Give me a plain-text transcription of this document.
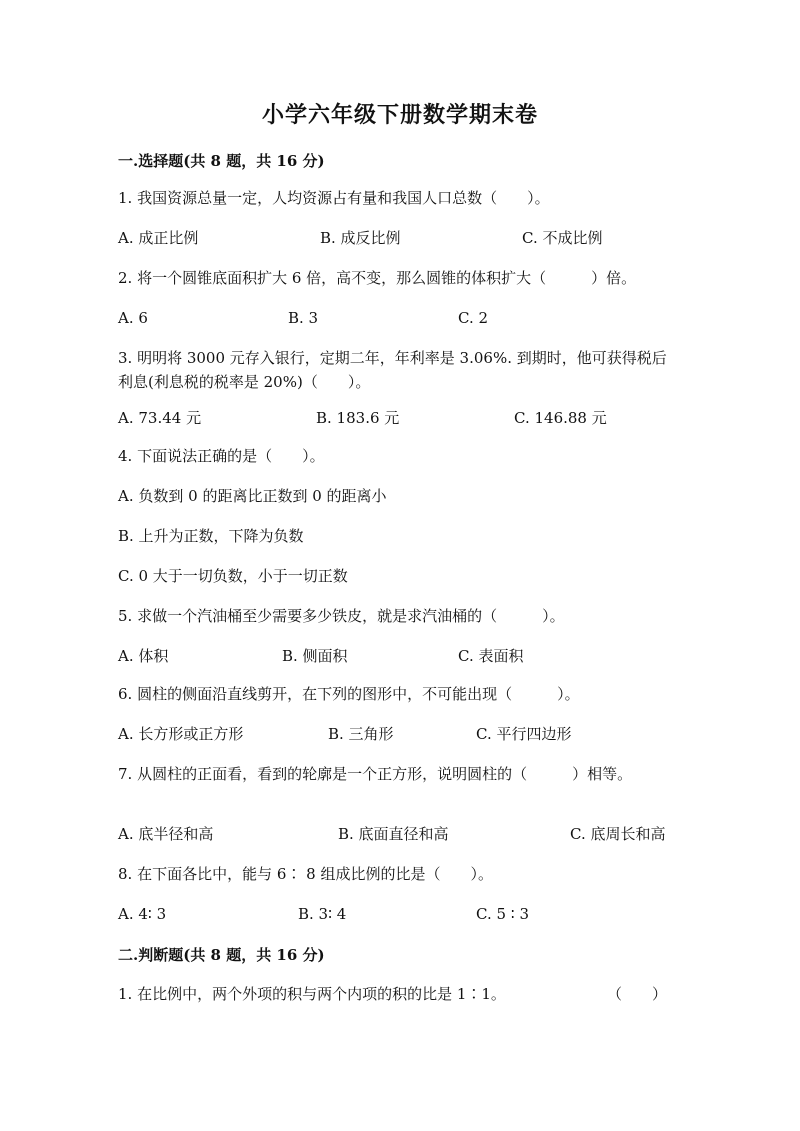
小学六年级下册数学期末卷
一.选择题(共 8 题，共 16 分)
1. 我国资源总量一定，人均资源占有量和我国人口总数（　　）。
A. 成正比例	B. 成反比例	C. 不成比例
2. 将一个圆锥底面积扩大 6 倍，高不变，那么圆锥的体积扩大（　　　）倍。
A. 6	B. 3	C. 2
3. 明明将 3000 元存入银行，定期二年，年利率是 3.06%. 到期时，他可获得税后利息(利息税的税率是 20%)（　　）。
A. 73.44 元	B. 183.6 元	C. 146.88 元
4. 下面说法正确的是（　　）。
A. 负数到 0 的距离比正数到 0 的距离小
B. 上升为正数，下降为负数
C. 0 大于一切负数，小于一切正数
5. 求做一个汽油桶至少需要多少铁皮，就是求汽油桶的（　　　）。
A. 体积	B. 侧面积	C. 表面积
6. 圆柱的侧面沿直线剪开，在下列的图形中，不可能出现（　　　）。
A. 长方形或正方形	B. 三角形	C. 平行四边形
7. 从圆柱的正面看，看到的轮廓是一个正方形，说明圆柱的（　　　）相等。
A. 底半径和高	B. 底面直径和高	C. 底周长和高
8. 在下面各比中，能与 6∶ 8 组成比例的比是（　　）。
A. 4∶ 3	B. 3∶ 4	C. 5 ∶ 3
二.判断题(共 8 题，共 16 分)
1. 在比例中，两个外项的积与两个内项的积的比是 1∶1。	（　　）
